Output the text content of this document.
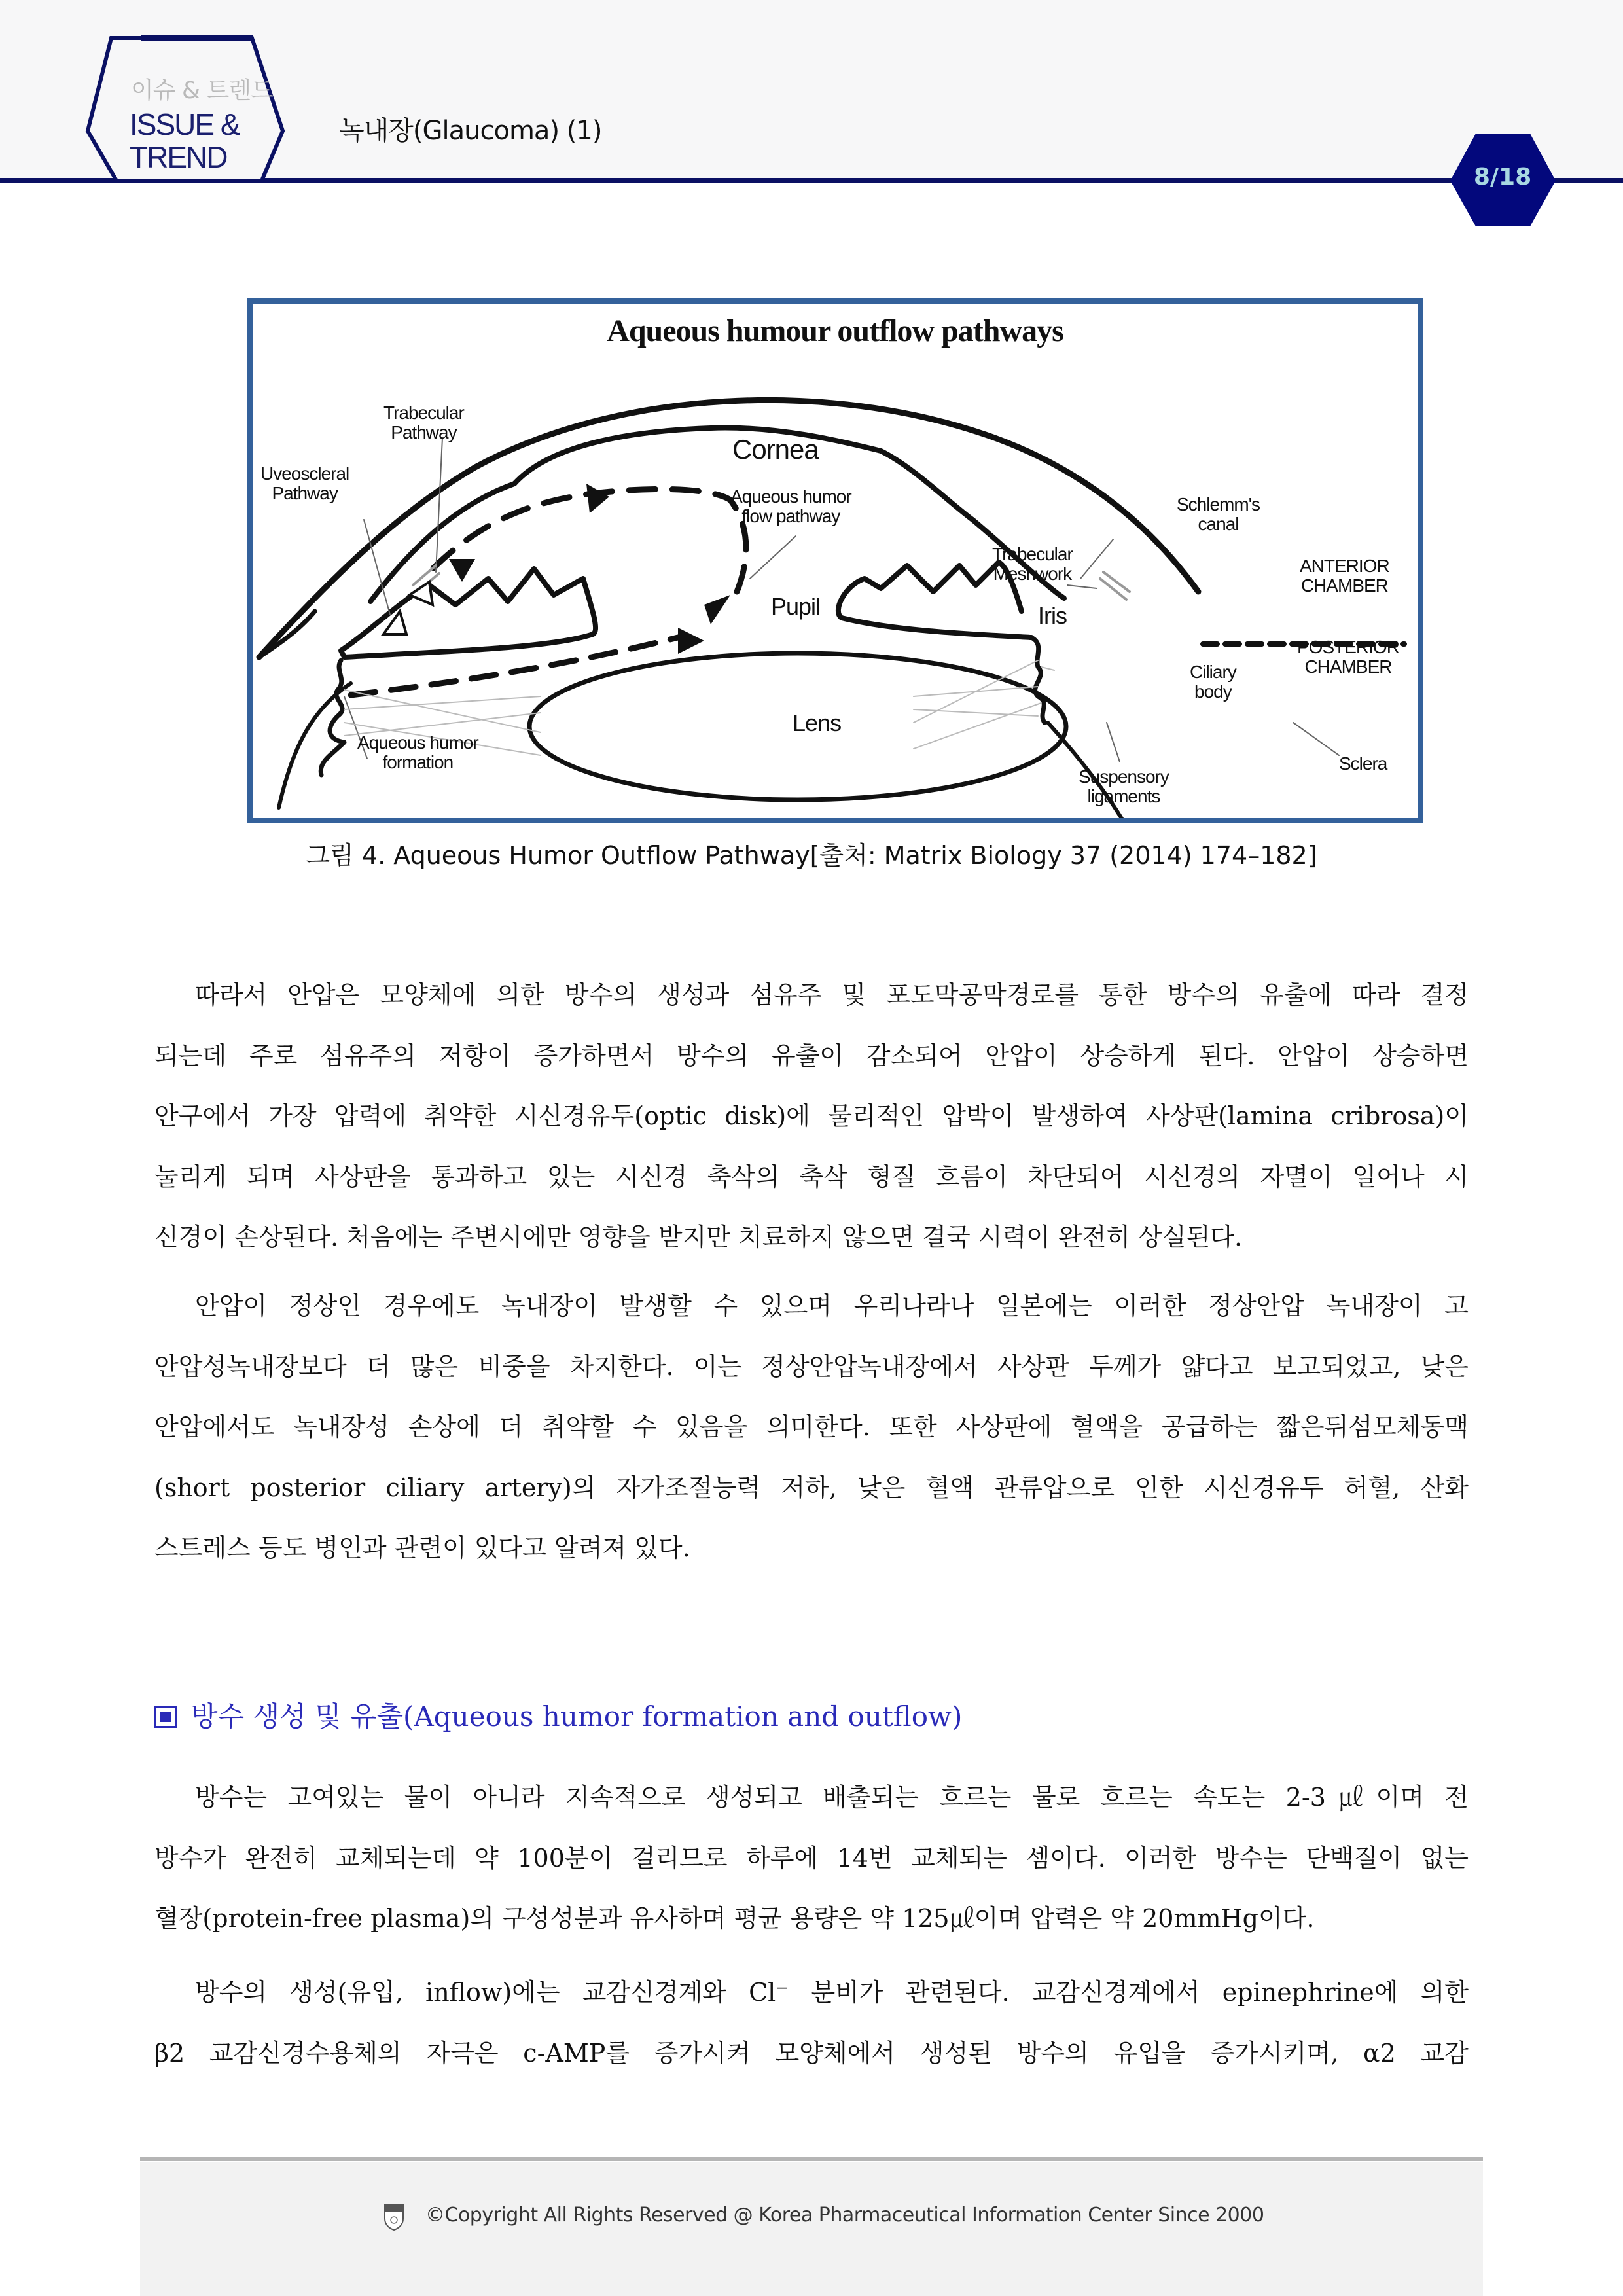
이슈 & 트렌드
ISSUE &
TREND
녹내장(Glaucoma) (1)
8/18
Aqueous humour outflow pathways
Trabecular
Pathway
Uveoscleral
Pathway
Cornea
Aqueous humor
flow pathway
Schlemm's
canal
Trabecular
Meshwork	ANTERIOR
CHAMBER
POSTERIOR
CHAMBER
Pupil	Iris
Ciliary
body
Lens
Aqueous humor
formation
Suspensory
ligaments
Sclera
그림 4. Aqueous Humor Outflow Pathway[출처: Matrix Biology 37 (2014) 174–182]
따라서 안압은 모양체에 의한 방수의 생성과 섬유주 및 포도막공막경로를 통한 방수의 유출에 따라 결정
되는데 주로 섬유주의 저항이 증가하면서 방수의 유출이 감소되어 안압이 상승하게 된다. 안압이 상승하면
안구에서 가장 압력에 취약한 시신경유두(optic disk)에 물리적인 압박이 발생하여 사상판(lamina cribrosa)이
눌리게 되며 사상판을 통과하고 있는 시신경 축삭의 축삭 형질 흐름이 차단되어 시신경의 자멸이 일어나 시
신경이 손상된다. 처음에는 주변시에만 영향을 받지만 치료하지 않으면 결국 시력이 완전히 상실된다.
안압이 정상인 경우에도 녹내장이 발생할 수 있으며 우리나라나 일본에는 이러한 정상안압 녹내장이 고
안압성녹내장보다 더 많은 비중을 차지한다. 이는 정상안압녹내장에서 사상판 두께가 얇다고 보고되었고, 낮은
안압에서도 녹내장성 손상에 더 취약할 수 있음을 의미한다. 또한 사상판에 혈액을 공급하는 짧은뒤섬모체동맥
(short posterior ciliary artery)의 자가조절능력 저하, 낮은 혈액 관류압으로 인한 시신경유두 허혈, 산화
스트레스 등도 병인과 관련이 있다고 알려져 있다.
방수 생성 및 유출(Aqueous humor formation and outflow)
방수는 고여있는 물이 아니라 지속적으로 생성되고 배출되는 흐르는 물로 흐르는 속도는 2-3㎕이며 전
방수가 완전히 교체되는데 약 100분이 걸리므로 하루에 14번 교체되는 셈이다. 이러한 방수는 단백질이 없는
혈장(protein-free plasma)의 구성성분과 유사하며 평균 용량은 약 125㎕이며 압력은 약 20mmHg이다.
방수의 생성(유입, inflow)에는 교감신경계와 Cl⁻ 분비가 관련된다. 교감신경계에서 epinephrine에 의한
β2 교감신경수용체의 자극은 c-AMP를 증가시켜 모양체에서 생성된 방수의 유입을 증가시키며, α2 교감
©Copyright All Rights Reserved @ Korea Pharmaceutical Information Center Since 2000
